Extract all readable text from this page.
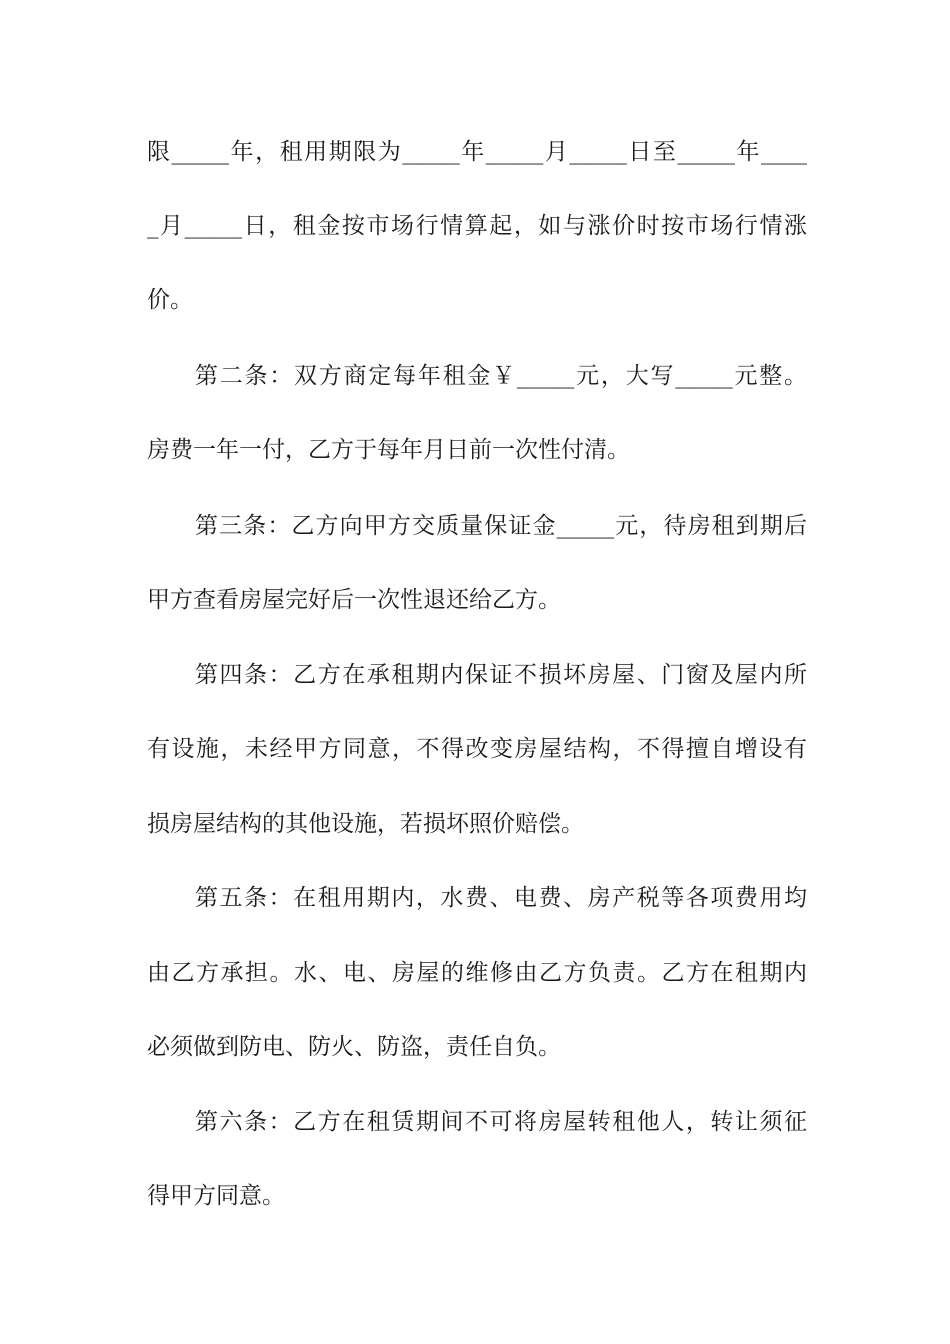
限_____年，租用期限为_____年_____月_____日至_____年____
_月_____日，租金按市场行情算起，如与涨价时按市场行情涨
价。
第二条：双方商定每年租金￥_____元，大写_____元整。
房费一年一付，乙方于每年月日前一次性付清。
第三条：乙方向甲方交质量保证金_____元，待房租到期后
甲方查看房屋完好后一次性退还给乙方。
第四条：乙方在承租期内保证不损坏房屋、门窗及屋内所
有设施，未经甲方同意，不得改变房屋结构，不得擅自增设有
损房屋结构的其他设施，若损坏照价赔偿。
第五条：在租用期内，水费、电费、房产税等各项费用均
由乙方承担。水、电、房屋的维修由乙方负责。乙方在租期内
必须做到防电、防火、防盗，责任自负。
第六条：乙方在租赁期间不可将房屋转租他人，转让须征
得甲方同意。
